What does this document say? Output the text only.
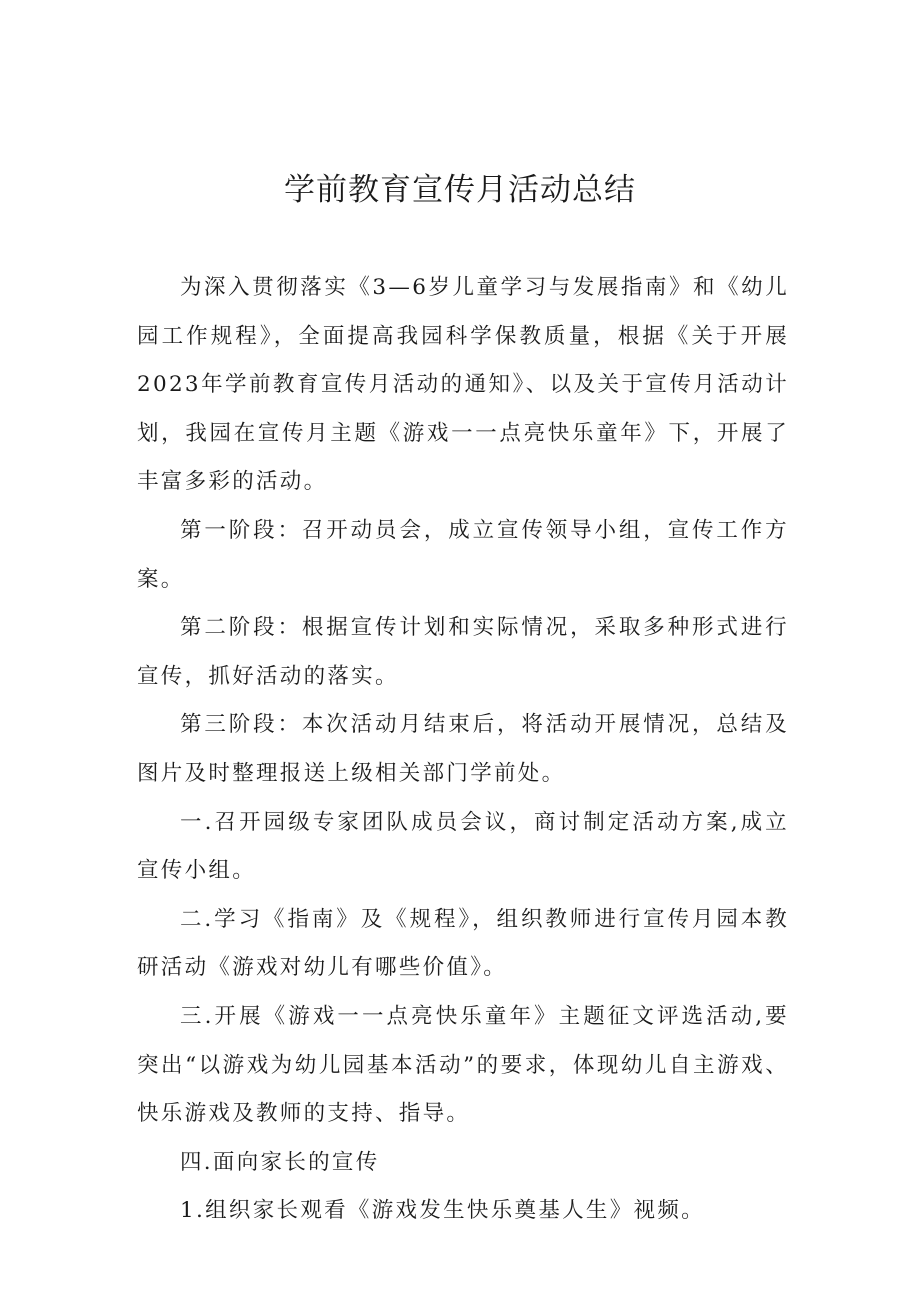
学前教育宣传月活动总结

为深入贯彻落实《3—6岁儿童学习与发展指南》和《幼儿园工作规程》，全面提高我园科学保教质量，根据《关于开展2023年学前教育宣传月活动的通知》、以及关于宣传月活动计划，我园在宣传月主题《游戏一一点亮快乐童年》下，开展了丰富多彩的活动。

第一阶段：召开动员会，成立宣传领导小组，宣传工作方案。

第二阶段：根据宣传计划和实际情况，采取多种形式进行宣传，抓好活动的落实。

第三阶段：本次活动月结束后，将活动开展情况，总结及图片及时整理报送上级相关部门学前处。

一.召开园级专家团队成员会议，商讨制定活动方案,成立宣传小组。

二.学习《指南》及《规程》，组织教师进行宣传月园本教研活动《游戏对幼儿有哪些价值》。

三.开展《游戏一一点亮快乐童年》主题征文评选活动,要突出“以游戏为幼儿园基本活动”的要求，体现幼儿自主游戏、快乐游戏及教师的支持、指导。

四.面向家长的宣传

1.组织家长观看《游戏发生快乐奠基人生》视频。
